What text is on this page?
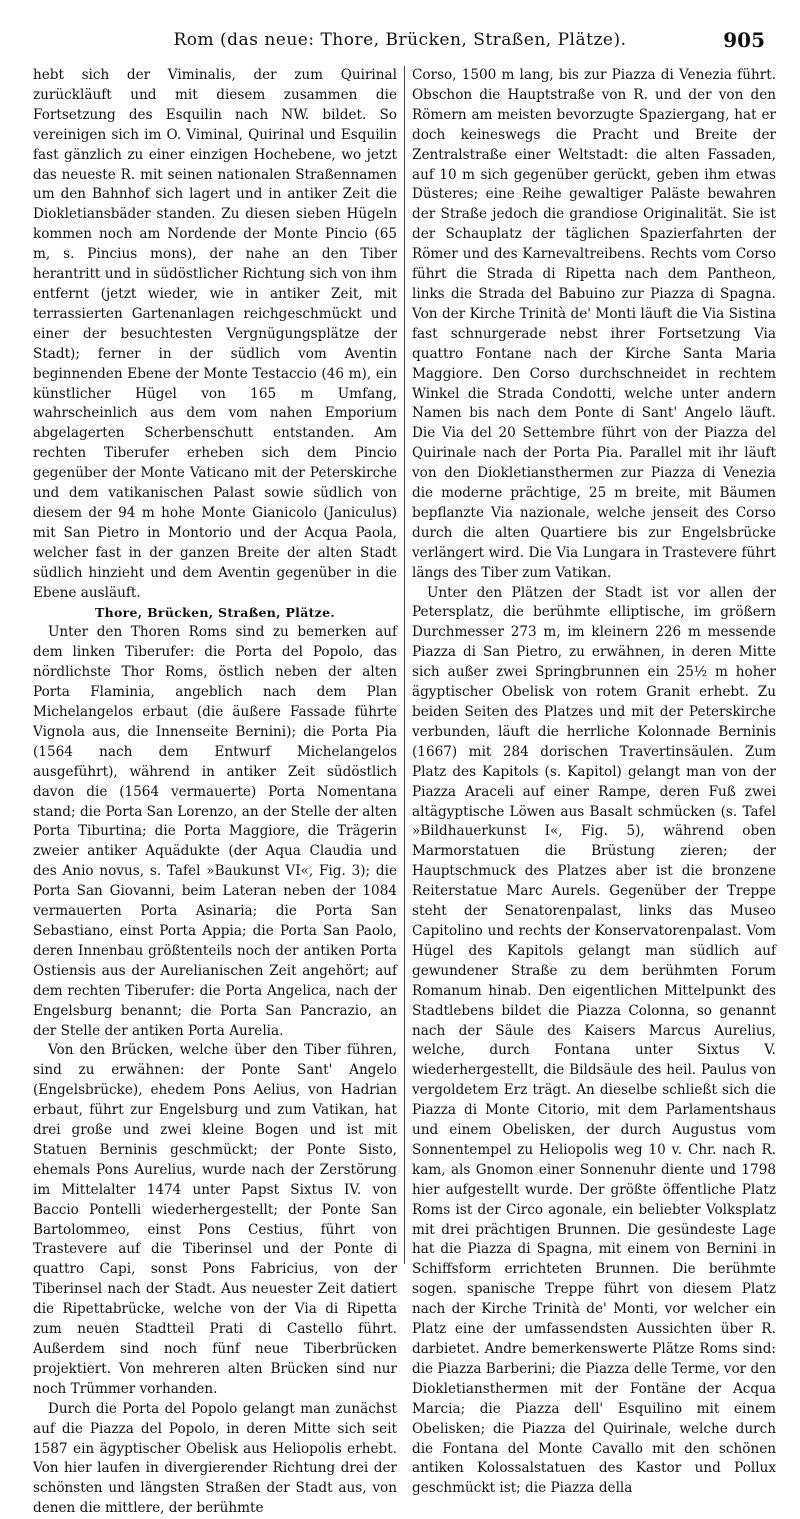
Rom (das neue: Thore, Brücken, Straßen, Plätze).	905

hebt sich der Viminalis, der zum Quirinal zurückläuft und mit diesem zusammen die Fortsetzung des Esquilin nach NW. bildet. So vereinigen sich im O. Viminal, Quirinal und Esquilin fast gänzlich zu einer einzigen Hochebene, wo jetzt das neueste R. mit seinen nationalen Straßennamen um den Bahnhof sich lagert und in antiker Zeit die Diokletiansbäder standen. Zu diesen sieben Hügeln kommen noch am Nordende der Monte Pincio (65 m, s. Pincius mons), der nahe an den Tiber herantritt und in südöstlicher Richtung sich von ihm entfernt (jetzt wieder, wie in antiker Zeit, mit terrassierten Gartenanlagen reichgeschmückt und einer der besuchtesten Vergnügungsplätze der Stadt); ferner in der südlich vom Aventin beginnenden Ebene der Monte Testaccio (46 m), ein künstlicher Hügel von 165 m Umfang, wahrscheinlich aus dem vom nahen Emporium abgelagerten Scherbenschutt entstanden. Am rechten Tiberufer erheben sich dem Pincio gegenüber der Monte Vaticano mit der Peterskirche und dem vatikanischen Palast sowie südlich von diesem der 94 m hohe Monte Gianicolo (Janiculus) mit San Pietro in Montorio und der Acqua Paola, welcher fast in der ganzen Breite der alten Stadt südlich hinzieht und dem Aventin gegenüber in die Ebene ausläuft.

Thore, Brücken, Straßen, Plätze.

Unter den Thoren Roms sind zu bemerken auf dem linken Tiberufer: die Porta del Popolo, das nördlichste Thor Roms, östlich neben der alten Porta Flaminia, angeblich nach dem Plan Michelangelos erbaut (die äußere Fassade führte Vignola aus, die Innenseite Bernini); die Porta Pia (1564 nach dem Entwurf Michelangelos ausgeführt), während in antiker Zeit südöstlich davon die (1564 vermauerte) Porta Nomentana stand; die Porta San Lorenzo, an der Stelle der alten Porta Tiburtina; die Porta Maggiore, die Trägerin zweier antiker Aquädukte (der Aqua Claudia und des Anio novus, s. Tafel »Baukunst VI«, Fig. 3); die Porta San Giovanni, beim Lateran neben der 1084 vermauerten Porta Asinaria; die Porta San Sebastiano, einst Porta Appia; die Porta San Paolo, deren Innenbau größtenteils noch der antiken Porta Ostiensis aus der Aurelianischen Zeit angehört; auf dem rechten Tiberufer: die Porta Angelica, nach der Engelsburg benannt; die Porta San Pancrazio, an der Stelle der antiken Porta Aurelia.

Von den Brücken, welche über den Tiber führen, sind zu erwähnen: der Ponte Sant' Angelo (Engelsbrücke), ehedem Pons Aelius, von Hadrian erbaut, führt zur Engelsburg und zum Vatikan, hat drei große und zwei kleine Bogen und ist mit Statuen Berninis geschmückt; der Ponte Sisto, ehemals Pons Aurelius, wurde nach der Zerstörung im Mittelalter 1474 unter Papst Sixtus IV. von Baccio Pontelli wiederhergestellt; der Ponte San Bartolommeo, einst Pons Cestius, führt von Trastevere auf die Tiberinsel und der Ponte di quattro Capi, sonst Pons Fabricius, von der Tiberinsel nach der Stadt. Aus neuester Zeit datiert die Ripettabrücke, welche von der Via di Ripetta zum neuen Stadtteil Prati di Castello führt. Außerdem sind noch fünf neue Tiberbrücken projektiert. Von mehreren alten Brücken sind nur noch Trümmer vorhanden.

Durch die Porta del Popolo gelangt man zunächst auf die Piazza del Popolo, in deren Mitte sich seit 1587 ein ägyptischer Obelisk aus Heliopolis erhebt. Von hier laufen in divergierender Richtung drei der schönsten und längsten Straßen der Stadt aus, von denen die mittlere, der berühmte

Corso, 1500 m lang, bis zur Piazza di Venezia führt. Obschon die Hauptstraße von R. und der von den Römern am meisten bevorzugte Spaziergang, hat er doch keineswegs die Pracht und Breite der Zentralstraße einer Weltstadt: die alten Fassaden, auf 10 m sich gegenüber gerückt, geben ihm etwas Düsteres; eine Reihe gewaltiger Paläste bewahren der Straße jedoch die grandiose Originalität. Sie ist der Schauplatz der täglichen Spazierfahrten der Römer und des Karnevaltreibens. Rechts vom Corso führt die Strada di Ripetta nach dem Pantheon, links die Strada del Babuino zur Piazza di Spagna. Von der Kirche Trinità de' Monti läuft die Via Sistina fast schnurgerade nebst ihrer Fortsetzung Via quattro Fontane nach der Kirche Santa Maria Maggiore. Den Corso durchschneidet in rechtem Winkel die Strada Condotti, welche unter andern Namen bis nach dem Ponte di Sant' Angelo läuft. Die Via del 20 Settembre führt von der Piazza del Quirinale nach der Porta Pia. Parallel mit ihr läuft von den Diokletiansthermen zur Piazza di Venezia die moderne prächtige, 25 m breite, mit Bäumen bepflanzte Via nazionale, welche jenseit des Corso durch die alten Quartiere bis zur Engelsbrücke verlängert wird. Die Via Lungara in Trastevere führt längs des Tiber zum Vatikan.

Unter den Plätzen der Stadt ist vor allen der Petersplatz, die berühmte elliptische, im größern Durchmesser 273 m, im kleinern 226 m messende Piazza di San Pietro, zu erwähnen, in deren Mitte sich außer zwei Springbrunnen ein 25½ m hoher ägyptischer Obelisk von rotem Granit erhebt. Zu beiden Seiten des Platzes und mit der Peterskirche verbunden, läuft die herrliche Kolonnade Berninis (1667) mit 284 dorischen Travertinsäulen. Zum Platz des Kapitols (s. Kapitol) gelangt man von der Piazza Araceli auf einer Rampe, deren Fuß zwei altägyptische Löwen aus Basalt schmücken (s. Tafel »Bildhauerkunst I«, Fig. 5), während oben Marmorstatuen die Brüstung zieren; der Hauptschmuck des Platzes aber ist die bronzene Reiterstatue Marc Aurels. Gegenüber der Treppe steht der Senatorenpalast, links das Museo Capitolino und rechts der Konservatorenpalast. Vom Hügel des Kapitols gelangt man südlich auf gewundener Straße zu dem berühmten Forum Romanum hinab. Den eigentlichen Mittelpunkt des Stadtlebens bildet die Piazza Colonna, so genannt nach der Säule des Kaisers Marcus Aurelius, welche, durch Fontana unter Sixtus V. wiederhergestellt, die Bildsäule des heil. Paulus von vergoldetem Erz trägt. An dieselbe schließt sich die Piazza di Monte Citorio, mit dem Parlamentshaus und einem Obelisken, der durch Augustus vom Sonnentempel zu Heliopolis weg 10 v. Chr. nach R. kam, als Gnomon einer Sonnenuhr diente und 1798 hier aufgestellt wurde. Der größte öffentliche Platz Roms ist der Circo agonale, ein beliebter Volksplatz mit drei prächtigen Brunnen. Die gesündeste Lage hat die Piazza di Spagna, mit einem von Bernini in Schiffsform errichteten Brunnen. Die berühmte sogen. spanische Treppe führt von diesem Platz nach der Kirche Trinità de' Monti, vor welcher ein Platz eine der umfassendsten Aussichten über R. darbietet. Andre bemerkenswerte Plätze Roms sind: die Piazza Barberini; die Piazza delle Terme, vor den Diokletiansthermen mit der Fontäne der Acqua Marcia; die Piazza dell' Esquilino mit einem Obelisken; die Piazza del Quirinale, welche durch die Fontana del Monte Cavallo mit den schönen antiken Kolossalstatuen des Kastor und Pollux geschmückt ist; die Piazza della
